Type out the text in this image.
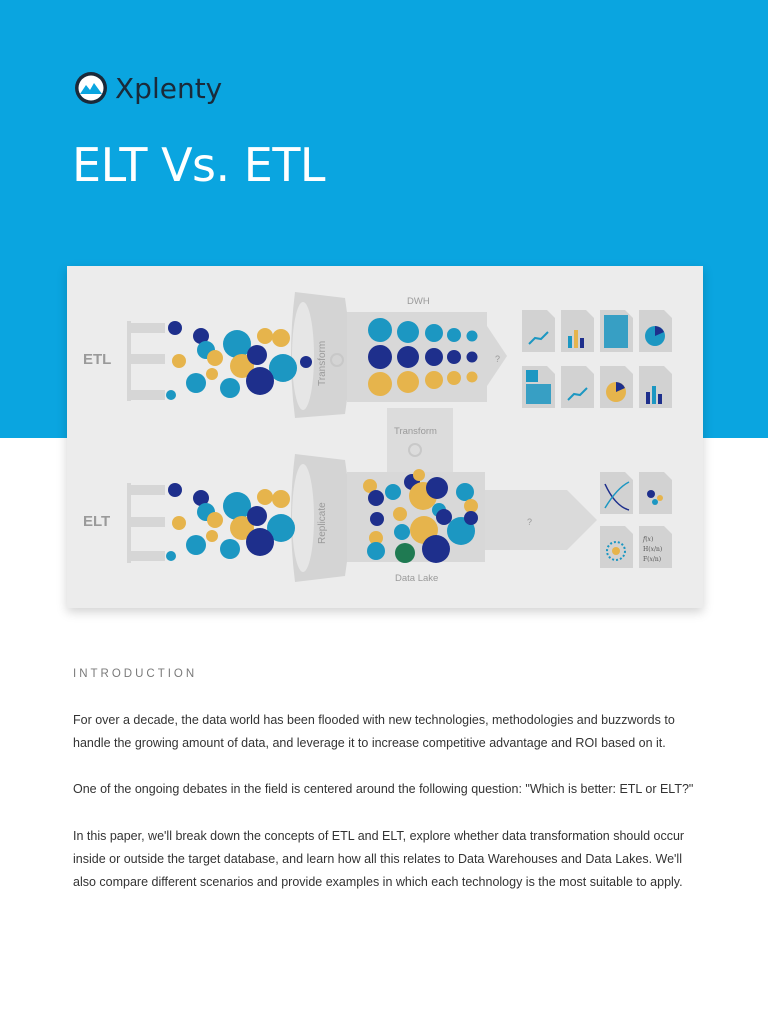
Xplenty
ELT Vs. ETL
ETL
ELT
Transform
DWH
?
Transform
Replicate
Data Lake
?
𝑓(𝑥)
H(𝑥/n)
F(𝑥/n)
INTRODUCTION

For over a decade, the data world has been flooded with new technologies, methodologies and buzzwords to handle the growing amount of data, and leverage it to increase competitive advantage and ROI based on it.

One of the ongoing debates in the field is centered around the following question: "Which is better: ETL or ELT?"

In this paper, we'll break down the concepts of ETL and ELT, explore whether data transformation should occur inside or outside the target database, and learn how all this relates to Data Warehouses and Data Lakes. We'll also compare different scenarios and provide examples in which each technology is the most suitable to apply.
